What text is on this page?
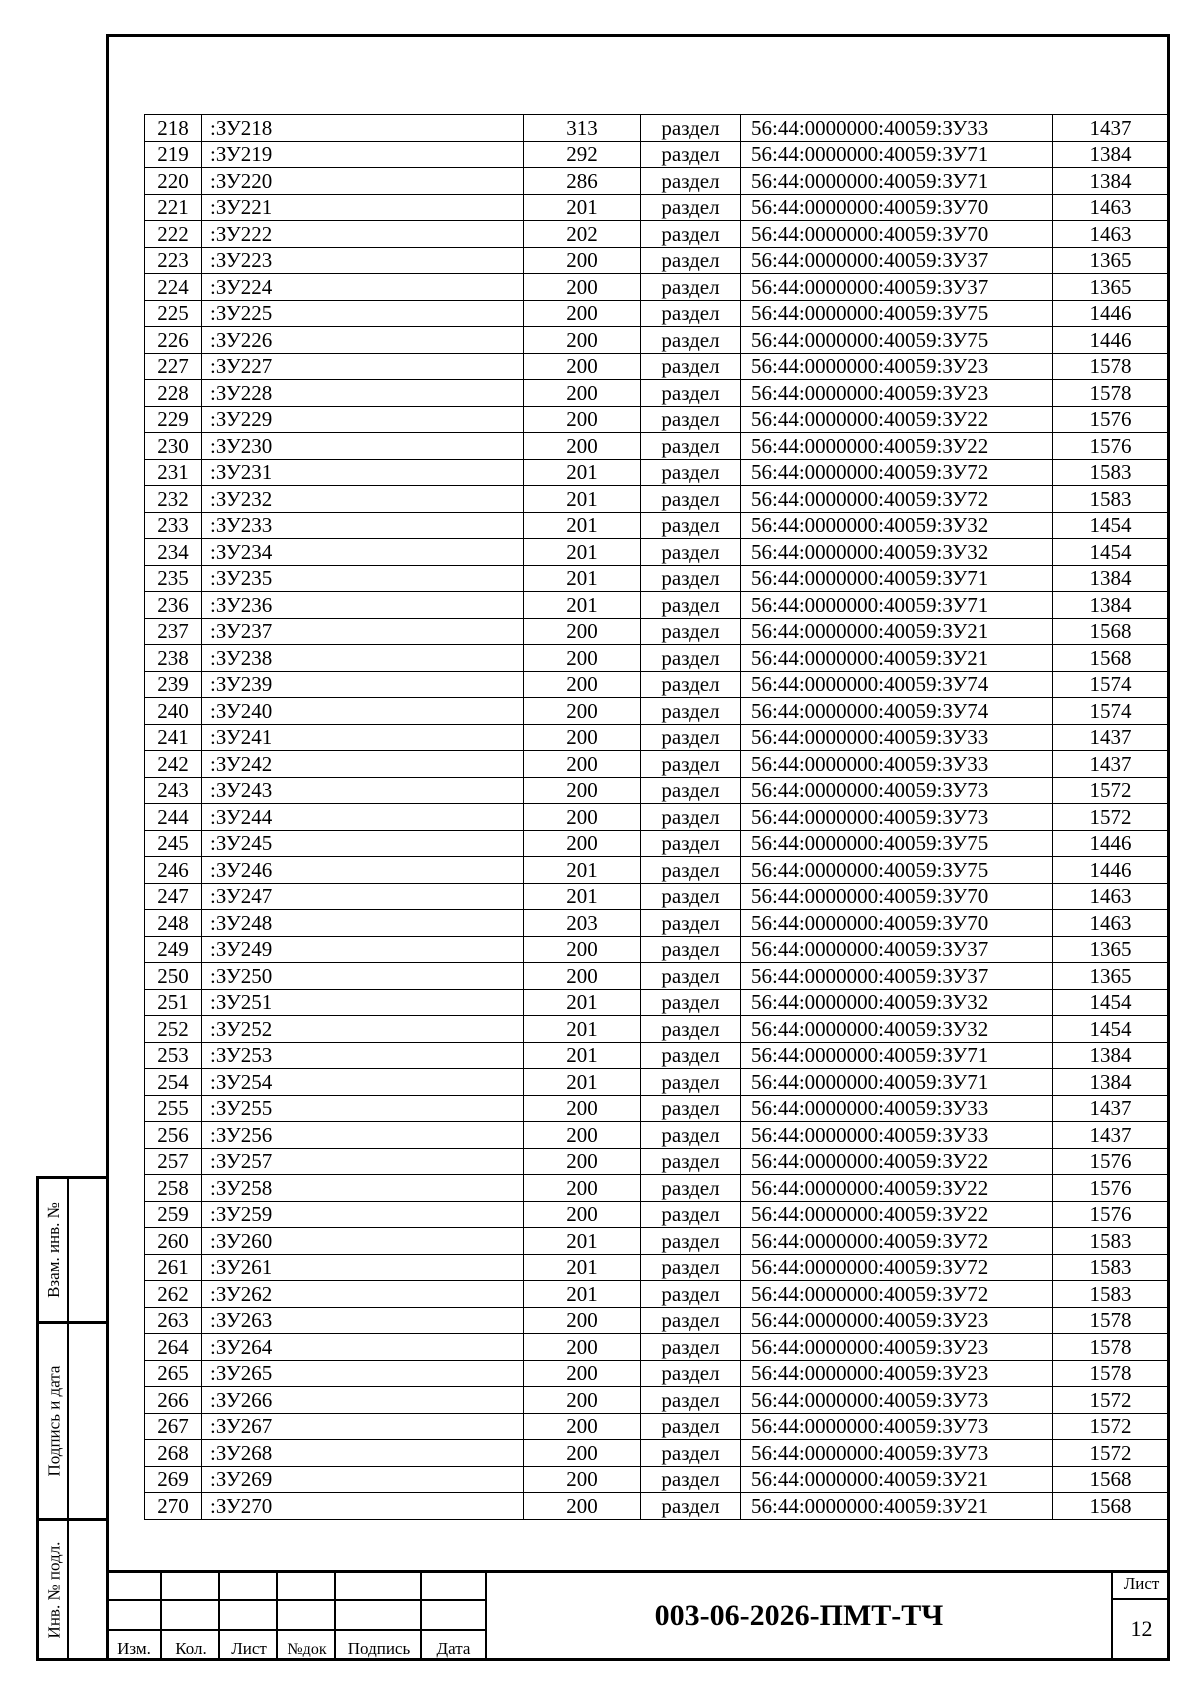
218	:ЗУ218	313	раздел	56:44:0000000:40059:ЗУ33	1437
219	:ЗУ219	292	раздел	56:44:0000000:40059:ЗУ71	1384
220	:ЗУ220	286	раздел	56:44:0000000:40059:ЗУ71	1384
221	:ЗУ221	201	раздел	56:44:0000000:40059:ЗУ70	1463
222	:ЗУ222	202	раздел	56:44:0000000:40059:ЗУ70	1463
223	:ЗУ223	200	раздел	56:44:0000000:40059:ЗУ37	1365
224	:ЗУ224	200	раздел	56:44:0000000:40059:ЗУ37	1365
225	:ЗУ225	200	раздел	56:44:0000000:40059:ЗУ75	1446
226	:ЗУ226	200	раздел	56:44:0000000:40059:ЗУ75	1446
227	:ЗУ227	200	раздел	56:44:0000000:40059:ЗУ23	1578
228	:ЗУ228	200	раздел	56:44:0000000:40059:ЗУ23	1578
229	:ЗУ229	200	раздел	56:44:0000000:40059:ЗУ22	1576
230	:ЗУ230	200	раздел	56:44:0000000:40059:ЗУ22	1576
231	:ЗУ231	201	раздел	56:44:0000000:40059:ЗУ72	1583
232	:ЗУ232	201	раздел	56:44:0000000:40059:ЗУ72	1583
233	:ЗУ233	201	раздел	56:44:0000000:40059:ЗУ32	1454
234	:ЗУ234	201	раздел	56:44:0000000:40059:ЗУ32	1454
235	:ЗУ235	201	раздел	56:44:0000000:40059:ЗУ71	1384
236	:ЗУ236	201	раздел	56:44:0000000:40059:ЗУ71	1384
237	:ЗУ237	200	раздел	56:44:0000000:40059:ЗУ21	1568
238	:ЗУ238	200	раздел	56:44:0000000:40059:ЗУ21	1568
239	:ЗУ239	200	раздел	56:44:0000000:40059:ЗУ74	1574
240	:ЗУ240	200	раздел	56:44:0000000:40059:ЗУ74	1574
241	:ЗУ241	200	раздел	56:44:0000000:40059:ЗУ33	1437
242	:ЗУ242	200	раздел	56:44:0000000:40059:ЗУ33	1437
243	:ЗУ243	200	раздел	56:44:0000000:40059:ЗУ73	1572
244	:ЗУ244	200	раздел	56:44:0000000:40059:ЗУ73	1572
245	:ЗУ245	200	раздел	56:44:0000000:40059:ЗУ75	1446
246	:ЗУ246	201	раздел	56:44:0000000:40059:ЗУ75	1446
247	:ЗУ247	201	раздел	56:44:0000000:40059:ЗУ70	1463
248	:ЗУ248	203	раздел	56:44:0000000:40059:ЗУ70	1463
249	:ЗУ249	200	раздел	56:44:0000000:40059:ЗУ37	1365
250	:ЗУ250	200	раздел	56:44:0000000:40059:ЗУ37	1365
251	:ЗУ251	201	раздел	56:44:0000000:40059:ЗУ32	1454
252	:ЗУ252	201	раздел	56:44:0000000:40059:ЗУ32	1454
253	:ЗУ253	201	раздел	56:44:0000000:40059:ЗУ71	1384
254	:ЗУ254	201	раздел	56:44:0000000:40059:ЗУ71	1384
255	:ЗУ255	200	раздел	56:44:0000000:40059:ЗУ33	1437
256	:ЗУ256	200	раздел	56:44:0000000:40059:ЗУ33	1437
257	:ЗУ257	200	раздел	56:44:0000000:40059:ЗУ22	1576
258	:ЗУ258	200	раздел	56:44:0000000:40059:ЗУ22	1576
259	:ЗУ259	200	раздел	56:44:0000000:40059:ЗУ22	1576
260	:ЗУ260	201	раздел	56:44:0000000:40059:ЗУ72	1583
261	:ЗУ261	201	раздел	56:44:0000000:40059:ЗУ72	1583
262	:ЗУ262	201	раздел	56:44:0000000:40059:ЗУ72	1583
263	:ЗУ263	200	раздел	56:44:0000000:40059:ЗУ23	1578
264	:ЗУ264	200	раздел	56:44:0000000:40059:ЗУ23	1578
265	:ЗУ265	200	раздел	56:44:0000000:40059:ЗУ23	1578
266	:ЗУ266	200	раздел	56:44:0000000:40059:ЗУ73	1572
267	:ЗУ267	200	раздел	56:44:0000000:40059:ЗУ73	1572
268	:ЗУ268	200	раздел	56:44:0000000:40059:ЗУ73	1572
269	:ЗУ269	200	раздел	56:44:0000000:40059:ЗУ21	1568
270	:ЗУ270	200	раздел	56:44:0000000:40059:ЗУ21	1568
Взам. инв. №
Подпись и дата
Инв. № подл.
Изм.	Кол.	Лист	№док	Подпись	Дата
003-06-2026-ПМТ-ТЧ
Лист
12
